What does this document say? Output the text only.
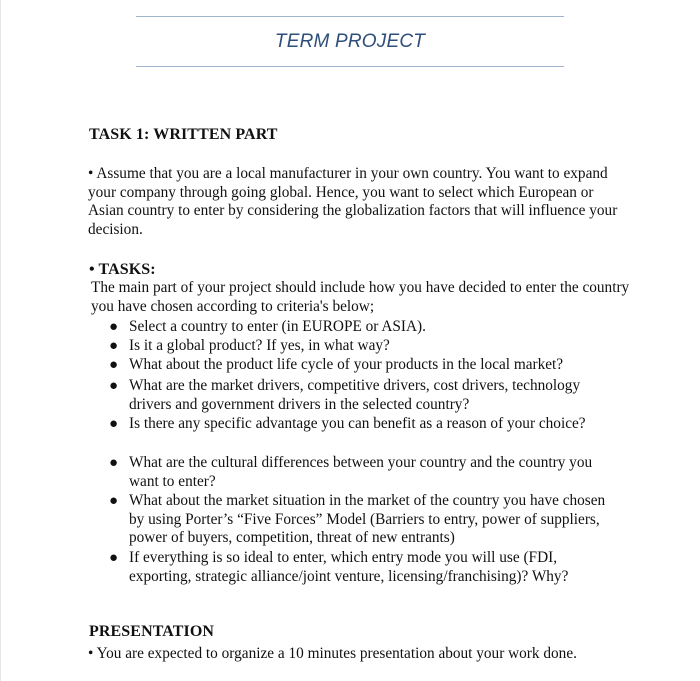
TERM PROJECT
TASK 1: WRITTEN PART
• Assume that you are a local manufacturer in your own country. You want to expand your company through going global. Hence, you want to select which European or Asian country to enter by considering the globalization factors that will influence your decision.
• TASKS:
The main part of your project should include how you have decided to enter the country you have chosen according to criteria's below;
● Select a country to enter (in EUROPE or ASIA).
● Is it a global product? If yes, in what way?
● What about the product life cycle of your products in the local market?
● What are the market drivers, competitive drivers, cost drivers, technology drivers and government drivers in the selected country?
● Is there any specific advantage you can benefit as a reason of your choice?
● What are the cultural differences between your country and the country you want to enter?
● What about the market situation in the market of the country you have chosen by using Porter’s “Five Forces” Model (Barriers to entry, power of suppliers, power of buyers, competition, threat of new entrants)
● If everything is so ideal to enter, which entry mode you will use (FDI, exporting, strategic alliance/joint venture, licensing/franchising)? Why?
PRESENTATION
• You are expected to organize a 10 minutes presentation about your work done.
